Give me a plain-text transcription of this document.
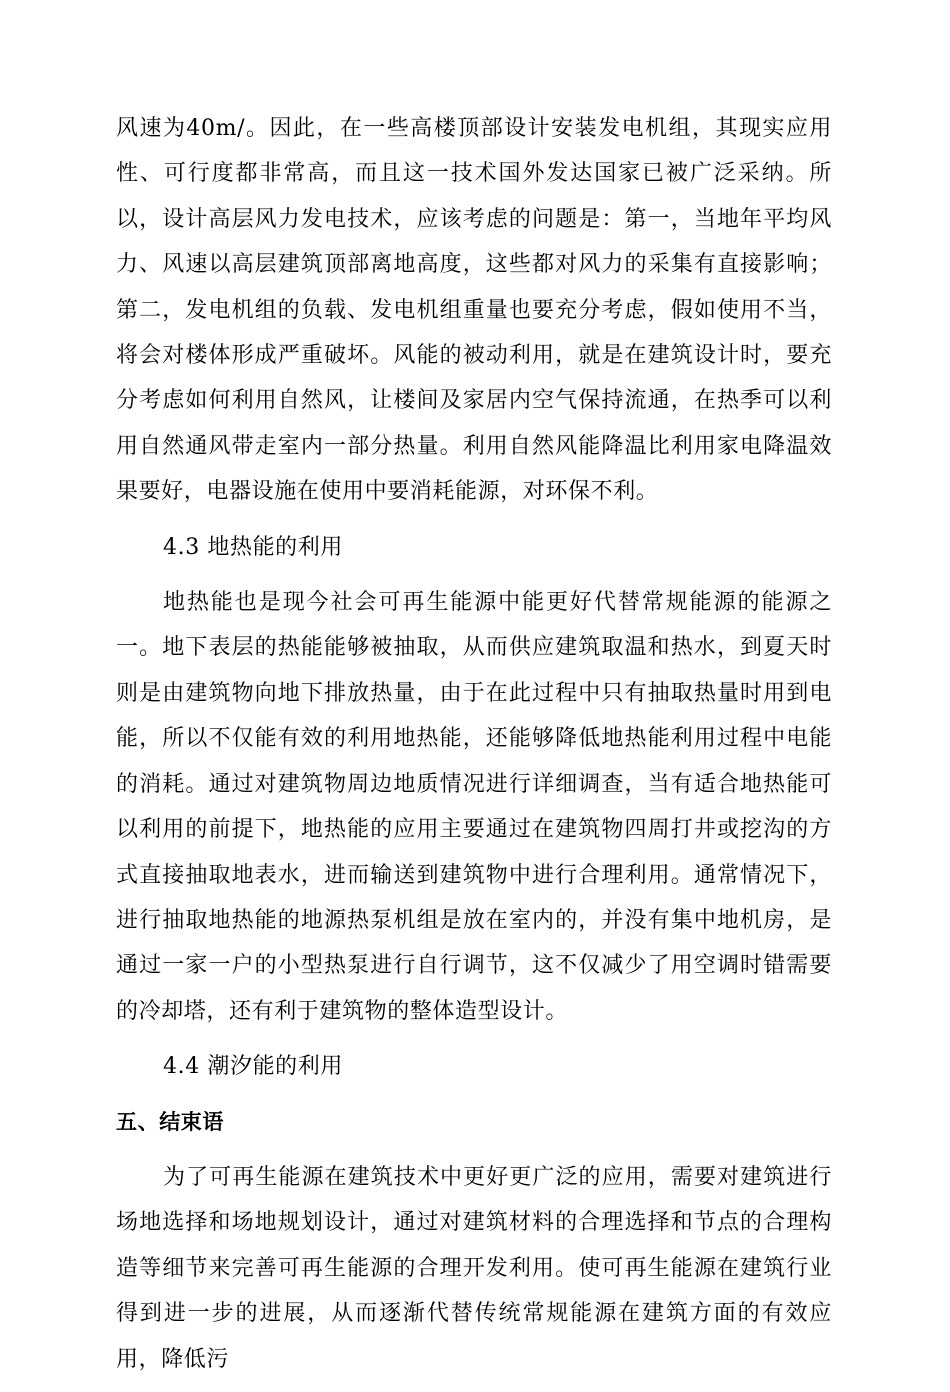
风速为40m/。因此，在一些高楼顶部设计安装发电机组，其现实应用性、可行度都非常高，而且这一技术国外发达国家已被广泛采纳。所以，设计高层风力发电技术，应该考虑的问题是：第一，当地年平均风力、风速以高层建筑顶部离地高度，这些都对风力的采集有直接影响；第二，发电机组的负载、发电机组重量也要充分考虑，假如使用不当，将会对楼体形成严重破坏。风能的被动利用，就是在建筑设计时，要充分考虑如何利用自然风，让楼间及家居内空气保持流通，在热季可以利用自然通风带走室内一部分热量。利用自然风能降温比利用家电降温效果要好，电器设施在使用中要消耗能源，对环保不利。

4.3 地热能的利用

地热能也是现今社会可再生能源中能更好代替常规能源的能源之一。地下表层的热能能够被抽取，从而供应建筑取温和热水，到夏天时则是由建筑物向地下排放热量，由于在此过程中只有抽取热量时用到电能，所以不仅能有效的利用地热能，还能够降低地热能利用过程中电能的消耗。通过对建筑物周边地质情况进行详细调查，当有适合地热能可以利用的前提下，地热能的应用主要通过在建筑物四周打井或挖沟的方式直接抽取地表水，进而输送到建筑物中进行合理利用。通常情况下，进行抽取地热能的地源热泵机组是放在室内的，并没有集中地机房，是通过一家一户的小型热泵进行自行调节，这不仅减少了用空调时错需要的冷却塔，还有利于建筑物的整体造型设计。

4.4 潮汐能的利用

五、结束语

为了可再生能源在建筑技术中更好更广泛的应用，需要对建筑进行场地选择和场地规划设计，通过对建筑材料的合理选择和节点的合理构造等细节来完善可再生能源的合理开发利用。使可再生能源在建筑行业得到进一步的进展，从而逐渐代替传统常规能源在建筑方面的有效应用，降低污
